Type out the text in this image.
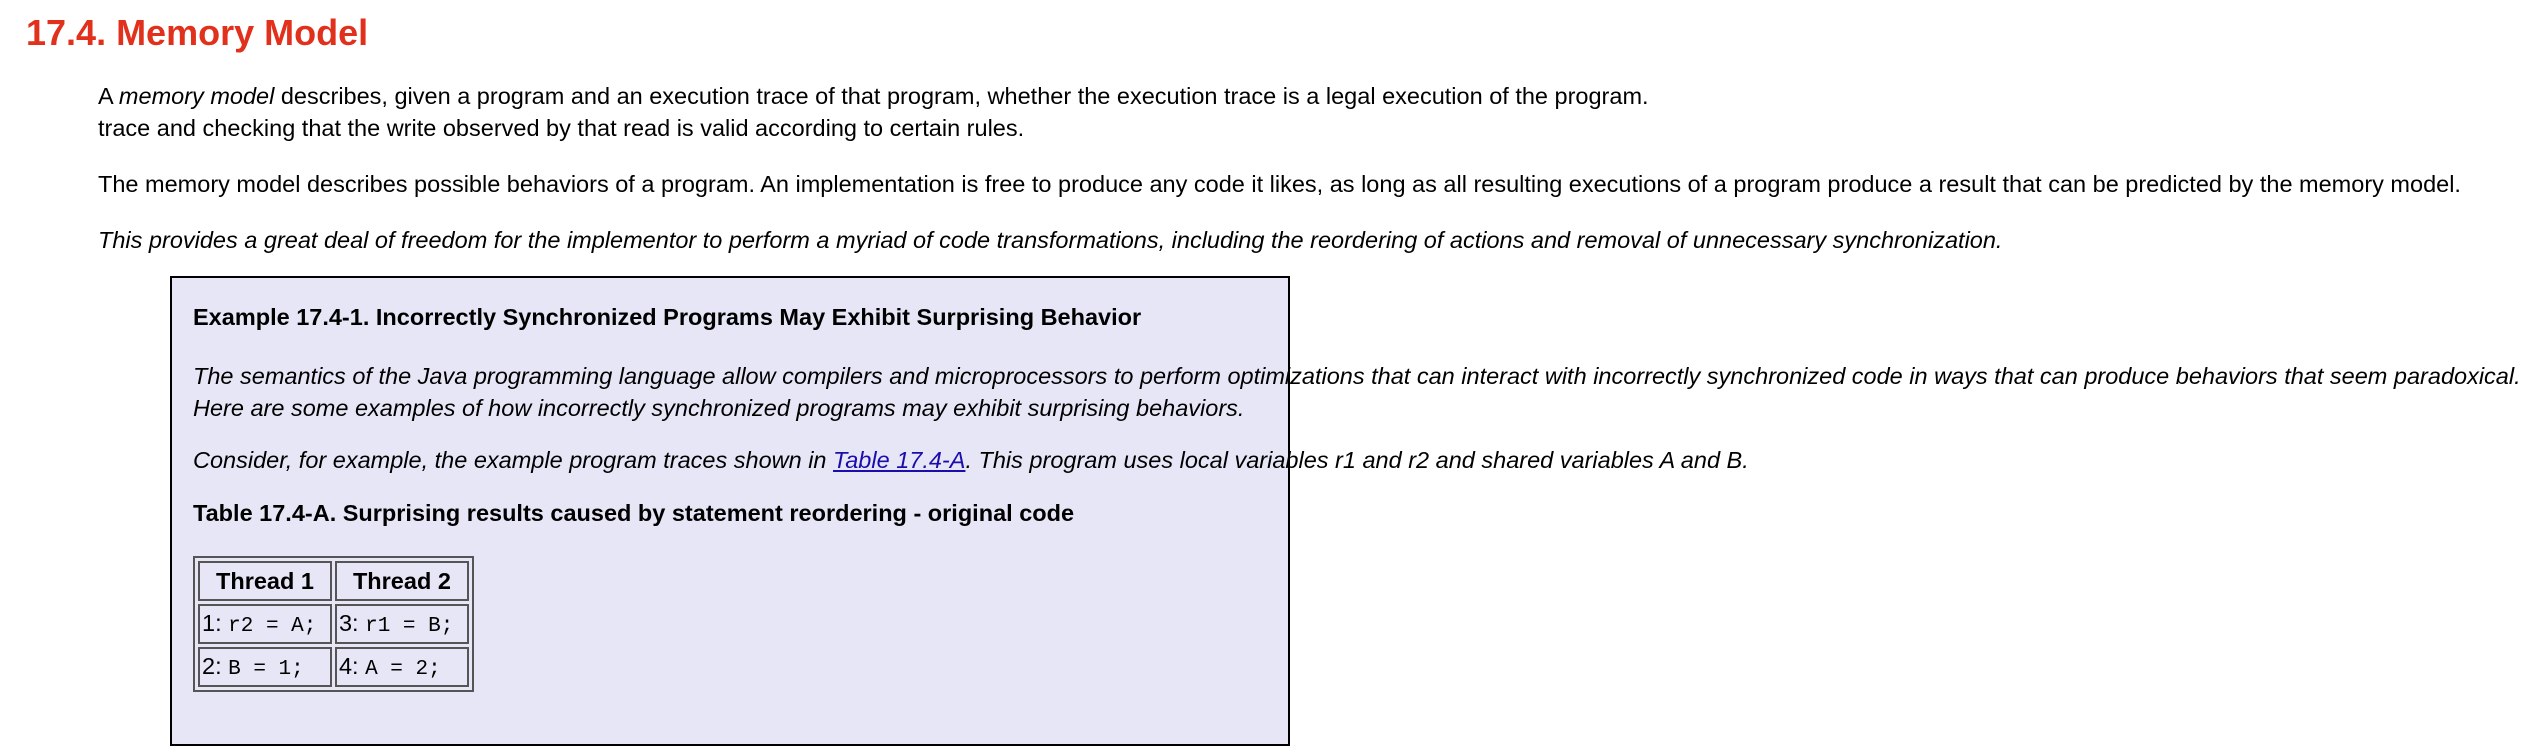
17.4. Memory Model
A memory model describes, given a program and an execution trace of that program, whether the execution trace is a legal execution of the program.
trace and checking that the write observed by that read is valid according to certain rules.
The memory model describes possible behaviors of a program. An implementation is free to produce any code it likes, as long as all resulting executions of a program produce a result that can be predicted by the memory model.
This provides a great deal of freedom for the implementor to perform a myriad of code transformations, including the reordering of actions and removal of unnecessary synchronization.
Example 17.4-1. Incorrectly Synchronized Programs May Exhibit Surprising Behavior
The semantics of the Java programming language allow compilers and microprocessors to perform optimizations that can interact with incorrectly synchronized code in ways that can produce behaviors that seem paradoxical.
Here are some examples of how incorrectly synchronized programs may exhibit surprising behaviors.
Consider, for example, the example program traces shown in Table 17.4-A. This program uses local variables r1 and r2 and shared variables A and B.
Table 17.4-A. Surprising results caused by statement reordering - original code
Thread 1	Thread 2
1: r2 = A;	3: r1 = B;
2: B = 1;	4: A = 2;
